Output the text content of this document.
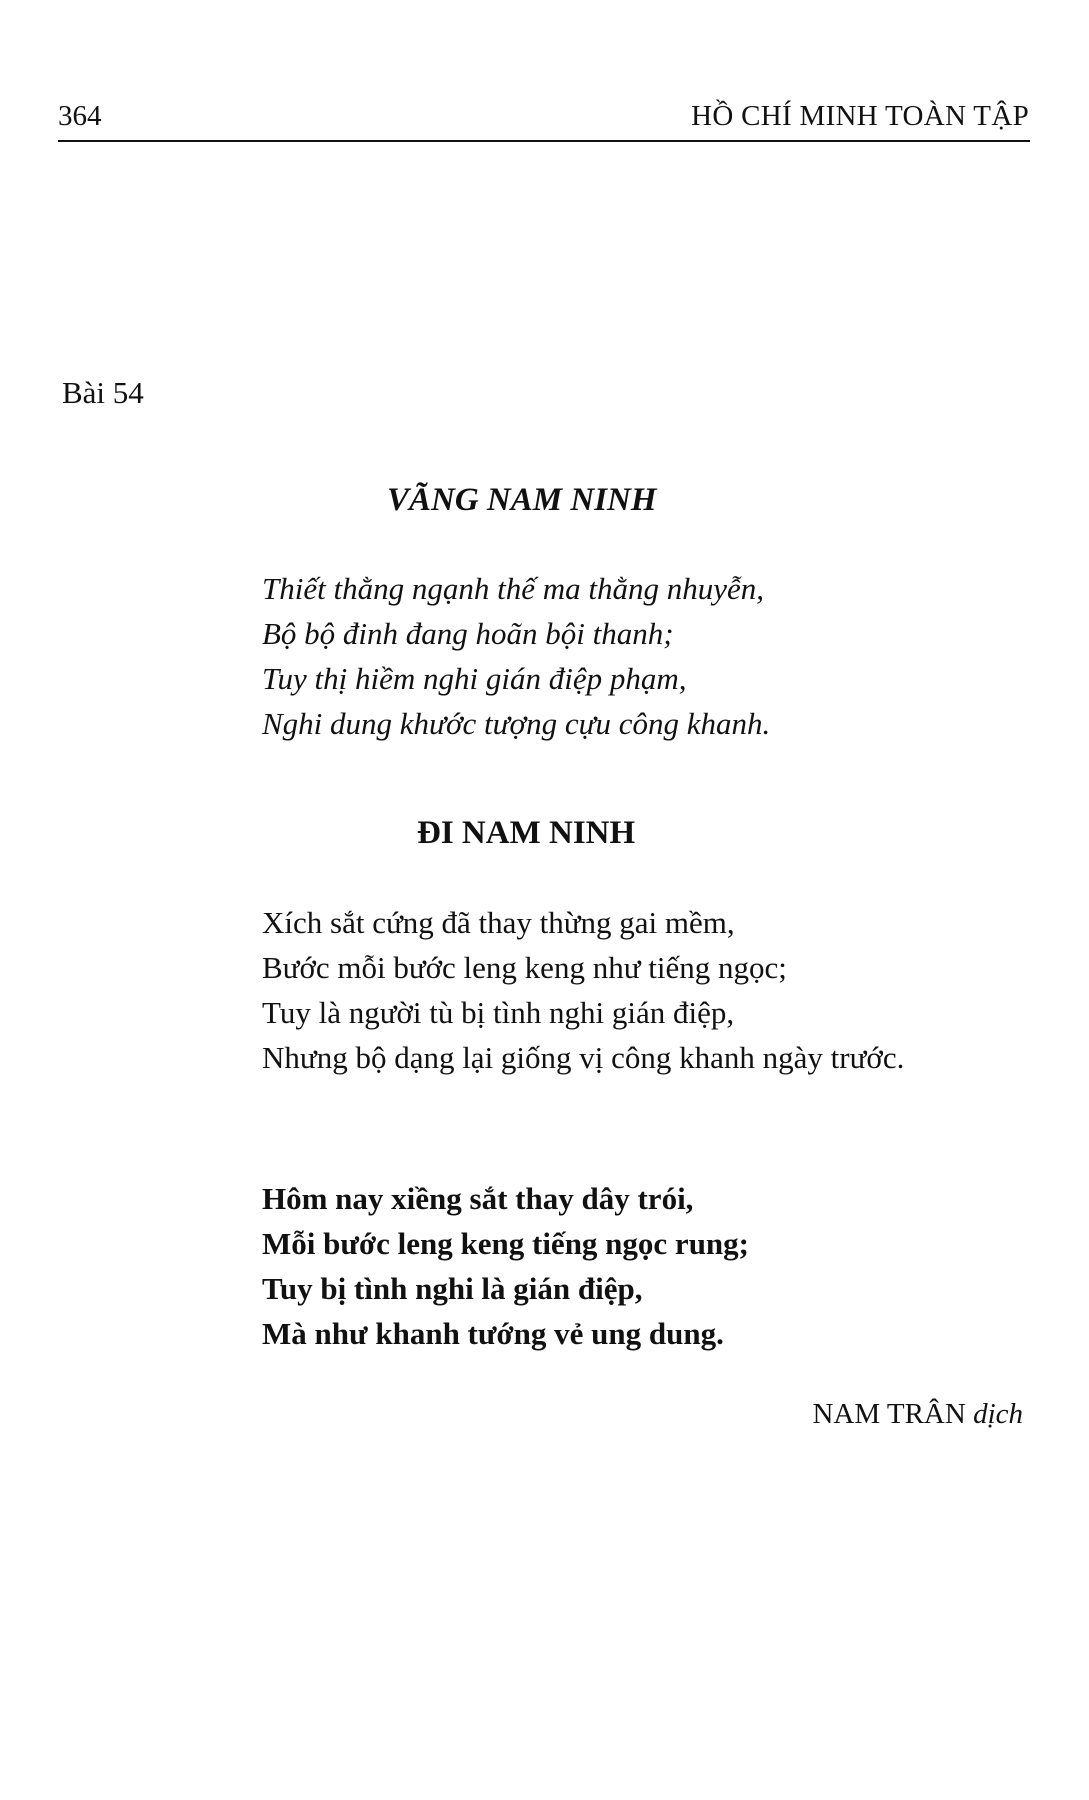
364	HỒ CHÍ MINH TOÀN TẬP
Bài 54
VÃNG NAM NINH
Thiết thằng ngạnh thế ma thằng nhuyễn,
Bộ bộ đinh đang hoãn bội thanh;
Tuy thị hiềm nghi gián điệp phạm,
Nghi dung khước tượng cựu công khanh.
ĐI NAM NINH
Xích sắt cứng đã thay thừng gai mềm,
Bước mỗi bước leng keng như tiếng ngọc;
Tuy là người tù bị tình nghi gián điệp,
Nhưng bộ dạng lại giống vị công khanh ngày trước.
Hôm nay xiềng sắt thay dây trói,
Mỗi bước leng keng tiếng ngọc rung;
Tuy bị tình nghi là gián điệp,
Mà như khanh tướng vẻ ung dung.
NAM TRÂN dịch
